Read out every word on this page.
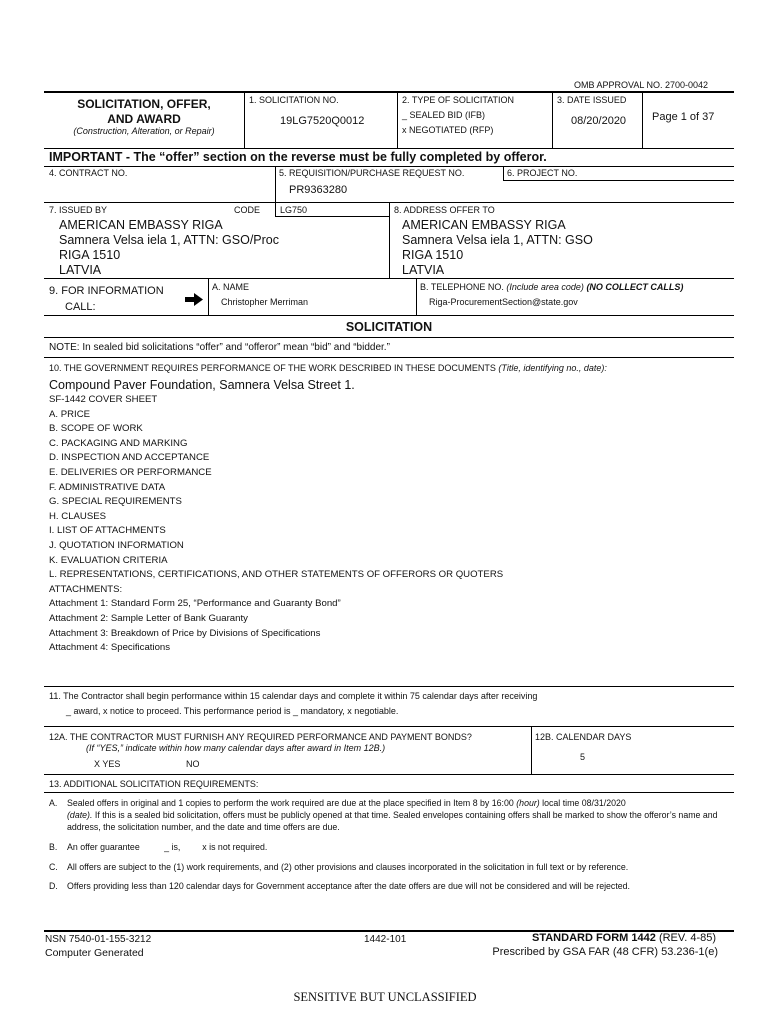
OMB APPROVAL NO. 2700-0042
SOLICITATION, OFFER,
AND AWARD
(Construction, Alteration, or Repair)
1. SOLICITATION NO.
19LG7520Q0012
2. TYPE OF SOLICITATION
_ SEALED BID (IFB)
x NEGOTIATED (RFP)
3. DATE ISSUED
08/20/2020 Page 1 of 37
IMPORTANT - The “offer” section on the reverse must be fully completed by offeror.
4. CONTRACT NO.	5. REQUISITION/PURCHASE REQUEST NO.
PR9363280
6. PROJECT NO.
7. ISSUED BY	CODE LG750
AMERICAN EMBASSY RIGA
Samnera Velsa iela 1, ATTN: GSO/Proc
RIGA 1510
LATVIA
8. ADDRESS OFFER TO
AMERICAN EMBASSY RIGA
Samnera Velsa iela 1, ATTN: GSO
RIGA 1510
LATVIA
9. FOR INFORMATION
CALL:
A. NAME
Christopher Merriman
B. TELEPHONE NO. (Include area code) (NO COLLECT CALLS)
Riga-ProcurementSection@state.gov
SOLICITATION
NOTE: In sealed bid solicitations “offer” and “offeror” mean “bid” and “bidder.”
10. THE GOVERNMENT REQUIRES PERFORMANCE OF THE WORK DESCRIBED IN THESE DOCUMENTS (Title, identifying no., date):
Compound Paver Foundation, Samnera Velsa Street 1.
SF-1442 COVER SHEET
A. PRICE
B. SCOPE OF WORK
C. PACKAGING AND MARKING
D. INSPECTION AND ACCEPTANCE
E. DELIVERIES OR PERFORMANCE
F. ADMINISTRATIVE DATA
G. SPECIAL REQUIREMENTS
H. CLAUSES
I. LIST OF ATTACHMENTS
J. QUOTATION INFORMATION
K. EVALUATION CRITERIA
L. REPRESENTATIONS, CERTIFICATIONS, AND OTHER STATEMENTS OF OFFERORS OR QUOTERS
ATTACHMENTS:
Attachment 1: Standard Form 25, “Performance and Guaranty Bond”
Attachment 2: Sample Letter of Bank Guaranty
Attachment 3: Breakdown of Price by Divisions of Specifications
Attachment 4: Specifications
11. The Contractor shall begin performance within 15 calendar days and complete it within 75 calendar days after receiving
_ award, x notice to proceed. This performance period is _ mandatory, x negotiable.
12A. THE CONTRACTOR MUST FURNISH ANY REQUIRED PERFORMANCE AND PAYMENT BONDS?
(If “YES,” indicate within how many calendar days after award in Item 12B.)
X YES	NO
12B. CALENDAR DAYS
5
13. ADDITIONAL SOLICITATION REQUIREMENTS:
A. Sealed offers in original and 1 copies to perform the work required are due at the place specified in Item 8 by 16:00 (hour) local time 08/31/2020
(date). If this is a sealed bid solicitation, offers must be publicly opened at that time. Sealed envelopes containing offers shall be marked to show the offeror’s name and address, the solicitation number, and the date and time offers are due.
B. An offer guarantee          _ is,         x is not required.
C. All offers are subject to the (1) work requirements, and (2) other provisions and clauses incorporated in the solicitation in full text or by reference.
D. Offers providing less than 120 calendar days for Government acceptance after the date offers are due will not be considered and will be rejected.
NSN 7540-01-155-3212
Computer Generated
1442-101	STANDARD FORM 1442 (REV. 4-85)
Prescribed by GSA FAR (48 CFR) 53.236-1(e)
SENSITIVE BUT UNCLASSIFIED
